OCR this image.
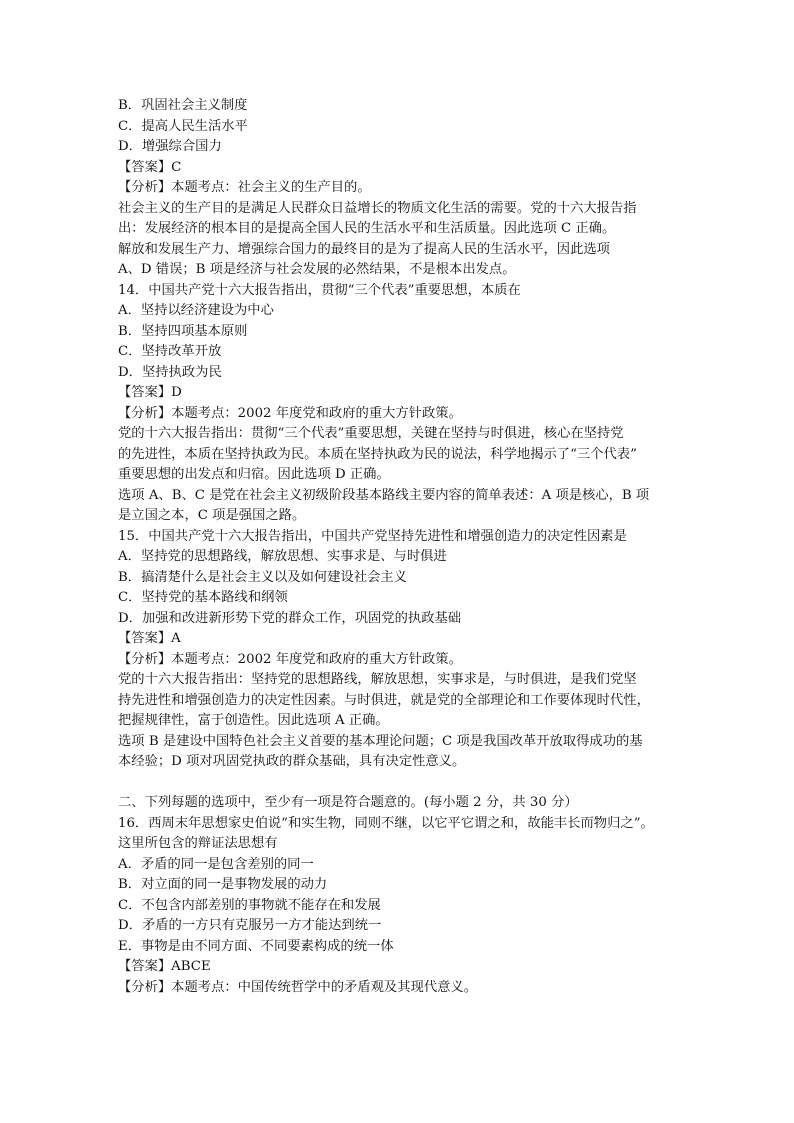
B．巩固社会主义制度
C．提高人民生活水平
D．增强综合国力
【答案】C
【分析】本题考点：社会主义的生产目的。
社会主义的生产目的是满足人民群众日益增长的物质文化生活的需要。党的十六大报告指
出：发展经济的根本目的是提高全国人民的生活水平和生活质量。因此选项 C 正确。
解放和发展生产力、增强综合国力的最终目的是为了提高人民的生活水平，因此选项
A、D 错误；B 项是经济与社会发展的必然结果，不是根本出发点。
14．中国共产党十六大报告指出，贯彻“三个代表”重要思想，本质在
A．坚持以经济建设为中心
B．坚持四项基本原则
C．坚持改革开放
D．坚持执政为民
【答案】D
【分析】本题考点：2002 年度党和政府的重大方针政策。
党的十六大报告指出：贯彻“三个代表”重要思想，关键在坚持与时俱进，核心在坚持党
的先进性，本质在坚持执政为民。本质在坚持执政为民的说法，科学地揭示了“三个代表”
重要思想的出发点和归宿。因此选项 D 正确。
选项 A、B、C 是党在社会主义初级阶段基本路线主要内容的简单表述：A 项是核心，B 项
是立国之本，C 项是强国之路。
15．中国共产党十六大报告指出，中国共产党坚持先进性和增强创造力的决定性因素是
A．坚持党的思想路线，解放思想、实事求是、与时俱进
B．搞清楚什么是社会主义以及如何建设社会主义
C．坚持党的基本路线和纲领
D．加强和改进新形势下党的群众工作，巩固党的执政基础
【答案】A
【分析】本题考点：2002 年度党和政府的重大方针政策。
党的十六大报告指出：坚持党的思想路线，解放思想，实事求是，与时俱进，是我们党坚
持先进性和增强创造力的决定性因素。与时俱进，就是党的全部理论和工作要体现时代性，
把握规律性，富于创造性。因此选项 A 正确。
选项 B 是建设中国特色社会主义首要的基本理论问题；C 项是我国改革开放取得成功的基
本经验；D 项对巩固党执政的群众基础，具有决定性意义。
二、下列每题的选项中，至少有一项是符合题意的。(每小题 2 分，共 30 分）
16．西周末年思想家史伯说“和实生物，同则不继，以它平它谓之和，故能丰长而物归之”。
这里所包含的辩证法思想有
A．矛盾的同一是包含差别的同一
B．对立面的同一是事物发展的动力
C．不包含内部差别的事物就不能存在和发展
D．矛盾的一方只有克服另一方才能达到统一
E．事物是由不同方面、不同要素构成的统一体
【答案】ABCE
【分析】本题考点：中国传统哲学中的矛盾观及其现代意义。
